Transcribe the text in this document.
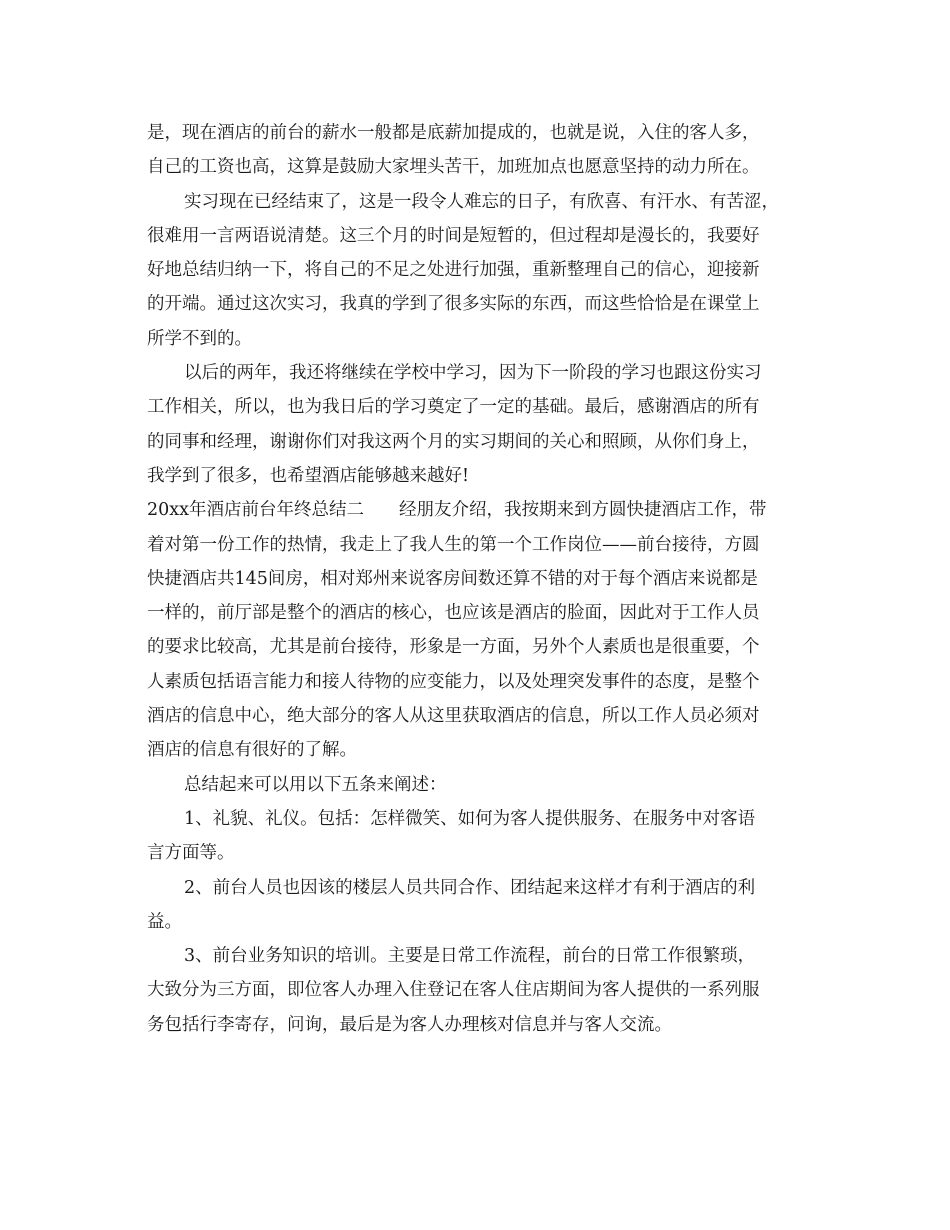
是，现在酒店的前台的薪水一般都是底薪加提成的，也就是说，入住的客人多，
自己的工资也高，这算是鼓励大家埋头苦干，加班加点也愿意坚持的动力所在。
实习现在已经结束了，这是一段令人难忘的日子，有欣喜、有汗水、有苦涩，
很难用一言两语说清楚。这三个月的时间是短暂的，但过程却是漫长的，我要好
好地总结归纳一下，将自己的不足之处进行加强，重新整理自己的信心，迎接新
的开端。通过这次实习，我真的学到了很多实际的东西，而这些恰恰是在课堂上
所学不到的。
以后的两年，我还将继续在学校中学习，因为下一阶段的学习也跟这份实习
工作相关，所以，也为我日后的学习奠定了一定的基础。最后，感谢酒店的所有
的同事和经理，谢谢你们对我这两个月的实习期间的关心和照顾，从你们身上，
我学到了很多，也希望酒店能够越来越好!
20xx年酒店前台年终总结二　　经朋友介绍，我按期来到方圆快捷酒店工作，带
着对第一份工作的热情，我走上了我人生的第一个工作岗位——前台接待，方圆
快捷酒店共145间房，相对郑州来说客房间数还算不错的对于每个酒店来说都是
一样的，前厅部是整个的酒店的核心，也应该是酒店的脸面，因此对于工作人员
的要求比较高，尤其是前台接待，形象是一方面，另外个人素质也是很重要，个
人素质包括语言能力和接人待物的应变能力，以及处理突发事件的态度，是整个
酒店的信息中心，绝大部分的客人从这里获取酒店的信息，所以工作人员必须对
酒店的信息有很好的了解。
总结起来可以用以下五条来阐述：
1、礼貌、礼仪。包括：怎样微笑、如何为客人提供服务、在服务中对客语
言方面等。
2、前台人员也因该的楼层人员共同合作、团结起来这样才有利于酒店的利
益。
3、前台业务知识的培训。主要是日常工作流程，前台的日常工作很繁琐，
大致分为三方面，即位客人办理入住登记在客人住店期间为客人提供的一系列服
务包括行李寄存，问询，最后是为客人办理核对信息并与客人交流。
